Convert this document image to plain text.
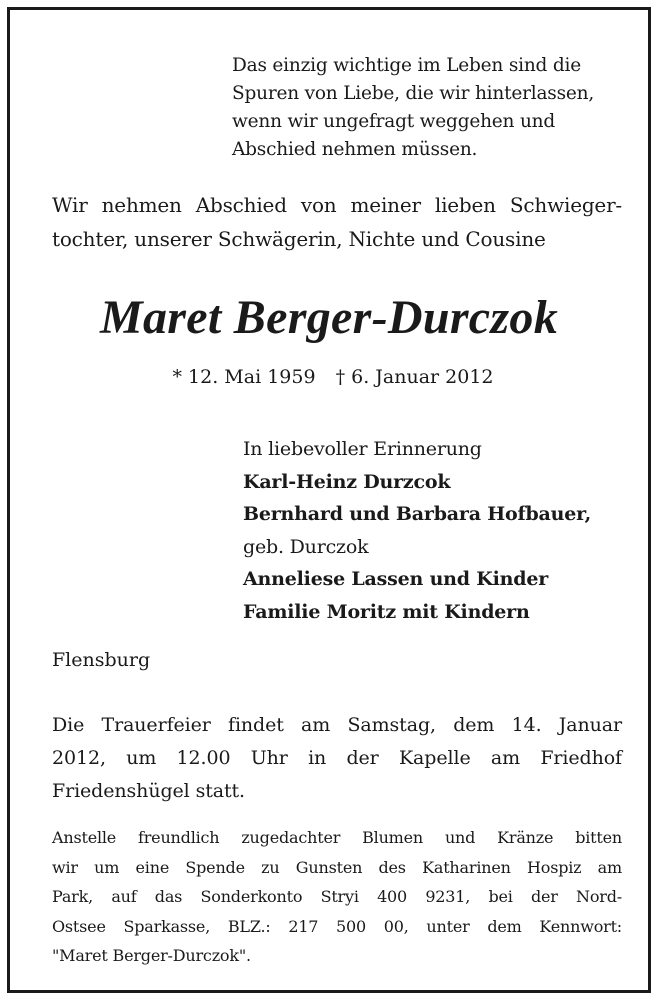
Das einzig wichtige im Leben sind die
Spuren von Liebe, die wir hinterlassen,
wenn wir ungefragt weggehen und
Abschied nehmen müssen.
Wir nehmen Abschied von meiner lieben Schwieger-
tochter, unserer Schwägerin, Nichte und Cousine
Maret Berger-Durczok
* 12. Mai 1959 † 6. Januar 2012
In liebevoller Erinnerung
Karl-Heinz Durzcok
Bernhard und Barbara Hofbauer,
geb. Durczok
Anneliese Lassen und Kinder
Familie Moritz mit Kindern
Flensburg
Die Trauerfeier findet am Samstag, dem 14. Januar
2012, um 12.00 Uhr in der Kapelle am Friedhof
Friedenshügel statt.
Anstelle freundlich zugedachter Blumen und Kränze bitten
wir um eine Spende zu Gunsten des Katharinen Hospiz am
Park, auf das Sonderkonto Stryi 400 9231, bei der Nord-
Ostsee Sparkasse, BLZ.: 217 500 00, unter dem Kennwort:
"Maret Berger-Durczok".
